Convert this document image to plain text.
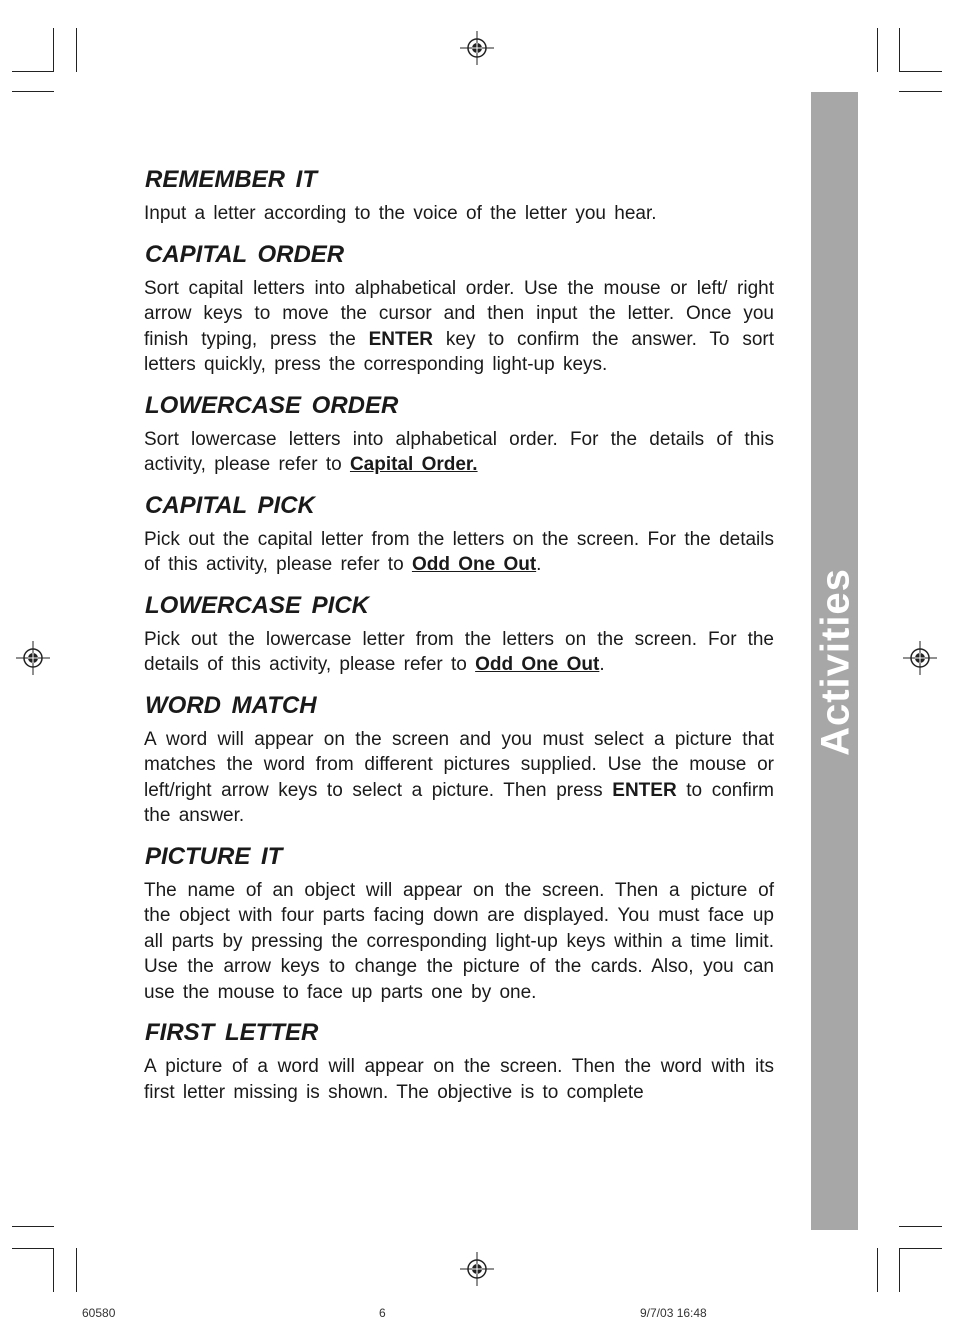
Activities
REMEMBER IT

Input a letter according to the voice of the letter you hear.

CAPITAL ORDER

Sort capital letters into alphabetical order. Use the mouse or left/ right arrow keys to move the cursor and then input the letter. Once you finish typing, press the ENTER key to confirm the answer. To sort letters quickly, press the corresponding light-up keys.

LOWERCASE ORDER

Sort lowercase letters into alphabetical order. For the details of this activity, please refer to Capital Order.

CAPITAL PICK

Pick out the capital letter from the letters on the screen. For the details of this activity, please refer to Odd One Out.

LOWERCASE PICK

Pick out the lowercase letter from the letters on the screen. For the details of this activity, please refer to Odd One Out.

WORD MATCH

A word will appear on the screen and you must select a picture that matches the word from different pictures supplied. Use the mouse or left/right arrow keys to select a picture. Then press ENTER to confirm the answer.

PICTURE IT

The name of an object will appear on the screen. Then a picture of the object with four parts facing down are displayed. You must face up all parts by pressing the corresponding light-up keys within a time limit. Use the arrow keys to change the picture of the cards. Also, you can use the mouse to face up parts one by one.

FIRST LETTER

A picture of a word will appear on the screen. Then the word with its first letter missing is shown. The objective is to complete

60580	6	9/7/03 16:48
